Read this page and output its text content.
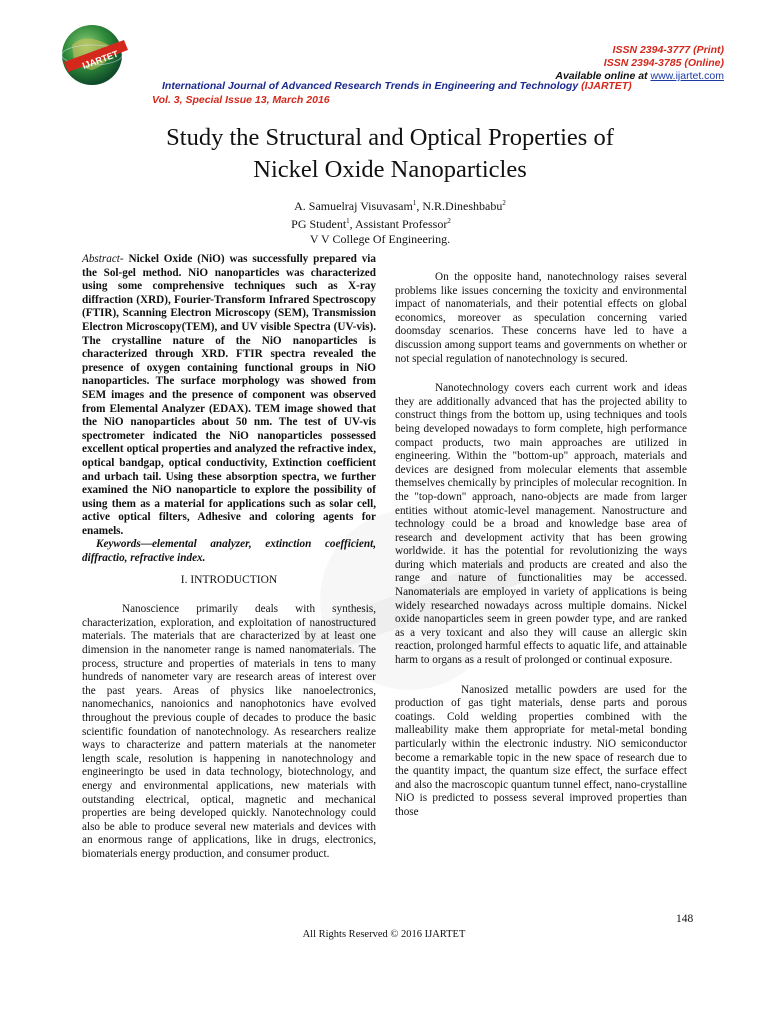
IJARTET	ISSN 2394-3777 (Print)
ISSN 2394-3785 (Online)
Available online at www.ijartet.com
International Journal of Advanced Research Trends in Engineering and Technology (IJARTET)
Vol. 3, Special Issue 13, March 2016
Study the Structural and Optical Properties of
Nickel Oxide Nanoparticles
A. Samuelraj Visuvasam$^1$, N.R.Dineshbabu$^2$
PG Student$^1$, Assistant Professor$^2$
V V College Of Engineering.
Abstract- Nickel Oxide (NiO) was successfully prepared via the Sol-gel method. NiO nanoparticles was characterized using some comprehensive techniques such as X-ray diffraction (XRD), Fourier-Transform Infrared Spectroscopy (FTIR), Scanning Electron Microscopy (SEM), Transmission Electron Microscopy(TEM), and UV visible Spectra (UV-vis). The crystalline nature of the NiO nanoparticles is characterized through XRD. FTIR spectra revealed the presence of oxygen containing functional groups in NiO nanoparticles. The surface morphology was showed from SEM images and the presence of component was observed from Elemental Analyzer (EDAX). TEM image showed that the NiO nanoparticles about 50 nm. The test of UV-vis spectrometer indicated the NiO nanoparticles possessed excellent optical properties and analyzed the refractive index, optical bandgap, optical conductivity, Extinction coefficient and urbach tail. Using these absorption spectra, we further examined the NiO nanoparticle to explore the possibility of using them as a material for applications such as solar cell, active optical filters, Adhesive and coloring agents for enamels.
Keywords—elemental analyzer, extinction coefficient, diffractio, refractive index.
I. INTRODUCTION

Nanoscience primarily deals with synthesis, characterization, exploration, and exploitation of nanostructured materials. The materials that are characterized by at least one dimension in the nanometer range is named nanomaterials. The process, structure and properties of materials in tens to many hundreds of nanometer vary are research areas of interest over the past years. Areas of physics like nanoelectronics, nanomechanics, nanoionics and nanophotonics have evolved throughout the previous couple of decades to produce the basic scientific foundation of nanotechnology. As researchers realize ways to characterize and pattern materials at the nanometer length scale, resolution is happening in nanotechnology and engineeringto be used in data technology, biotechnology, and energy and environmental applications, new materials with outstanding electrical, optical, magnetic and mechanical properties are being developed quickly. Nanotechnology could also be able to produce several new materials and devices with an enormous range of applications, like in drugs, electronics, biomaterials energy production, and consumer product.

On the opposite hand, nanotechnology raises several problems like issues concerning the toxicity and environmental impact of nanomaterials, and their potential effects on global economics, moreover as speculation concerning varied doomsday scenarios. These concerns have led to have a discussion among support teams and governments on whether or not special regulation of nanotechnology is secured.

Nanotechnology covers each current work and ideas they are additionally advanced that has the projected ability to construct things from the bottom up, using techniques and tools being developed nowadays to form complete, high performance compact products, two main approaches are utilized in engineering. Within the "bottom-up" approach, materials and devices are designed from molecular elements that assemble themselves chemically by principles of molecular recognition. In the "top-down" approach, nano-objects are made from larger entities without atomic-level management. Nanostructure and technology could be a broad and knowledge base area of research and development activity that has been growing worldwide. it has the potential for revolutionizing the ways during which materials and products are created and also the range and nature of functionalities may be accessed. Nanomaterials are employed in variety of applications is being widely researched nowadays across multiple domains. Nickel oxide nanoparticles seem in green powder type, and are ranked as a very toxicant and also they will cause an allergic skin reaction, prolonged harmful effects to aquatic life, and attainable harm to organs as a result of prolonged or continual exposure.

Nanosized metallic powders are used for the production of gas tight materials, dense parts and porous coatings. Cold welding properties combined with the malleability make them appropriate for metal-metal bonding particularly within the electronic industry. NiO semiconductor become a remarkable topic in the new space of research due to the quantity impact, the quantum size effect, the surface effect and also the macroscopic quantum tunnel effect, nano-crystalline NiO is predicted to possess several improved properties than those

148
All Rights Reserved © 2016 IJARTET
